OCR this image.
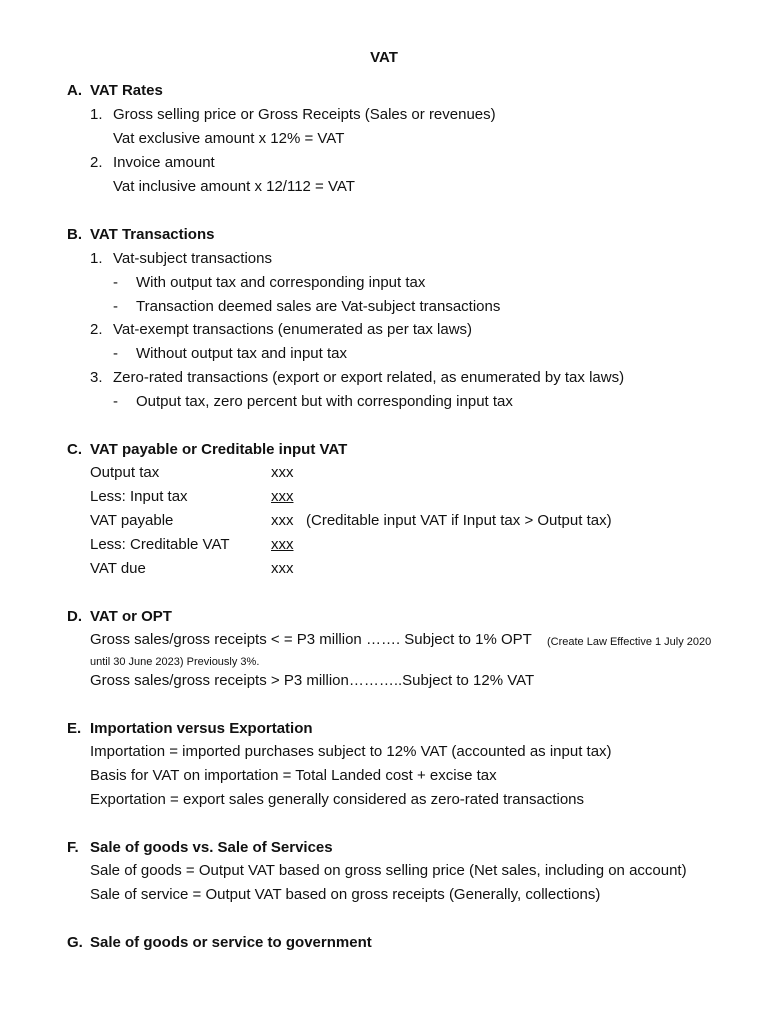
VAT
A. VAT Rates
1. Gross selling price or Gross Receipts (Sales or revenues)
Vat exclusive amount x 12% = VAT
2. Invoice amount
Vat inclusive amount x 12/112 = VAT
B. VAT Transactions
1. Vat-subject transactions
- With output tax and corresponding input tax
- Transaction deemed sales are Vat-subject transactions
2. Vat-exempt transactions (enumerated as per tax laws)
- Without output tax and input tax
3. Zero-rated transactions (export or export related, as enumerated by tax laws)
- Output tax, zero percent but with corresponding input tax
C. VAT payable or Creditable input VAT
Output tax	xxx
Less: Input tax	xxx
VAT payable	xxx (Creditable input VAT if Input tax > Output tax)
Less: Creditable VAT	xxx
VAT due	xxx
D. VAT or OPT
Gross sales/gross receipts < = P3 million ……. Subject to 1% OPT (Create Law Effective 1 July 2020
until 30 June 2023) Previously 3%.
Gross sales/gross receipts > P3 million………..Subject to 12% VAT
E. Importation versus Exportation
Importation = imported purchases subject to 12% VAT (accounted as input tax)
Basis for VAT on importation = Total Landed cost + excise tax
Exportation = export sales generally considered as zero-rated transactions
F. Sale of goods vs. Sale of Services
Sale of goods = Output VAT based on gross selling price (Net sales, including on account)
Sale of service = Output VAT based on gross receipts (Generally, collections)
G. Sale of goods or service to government
